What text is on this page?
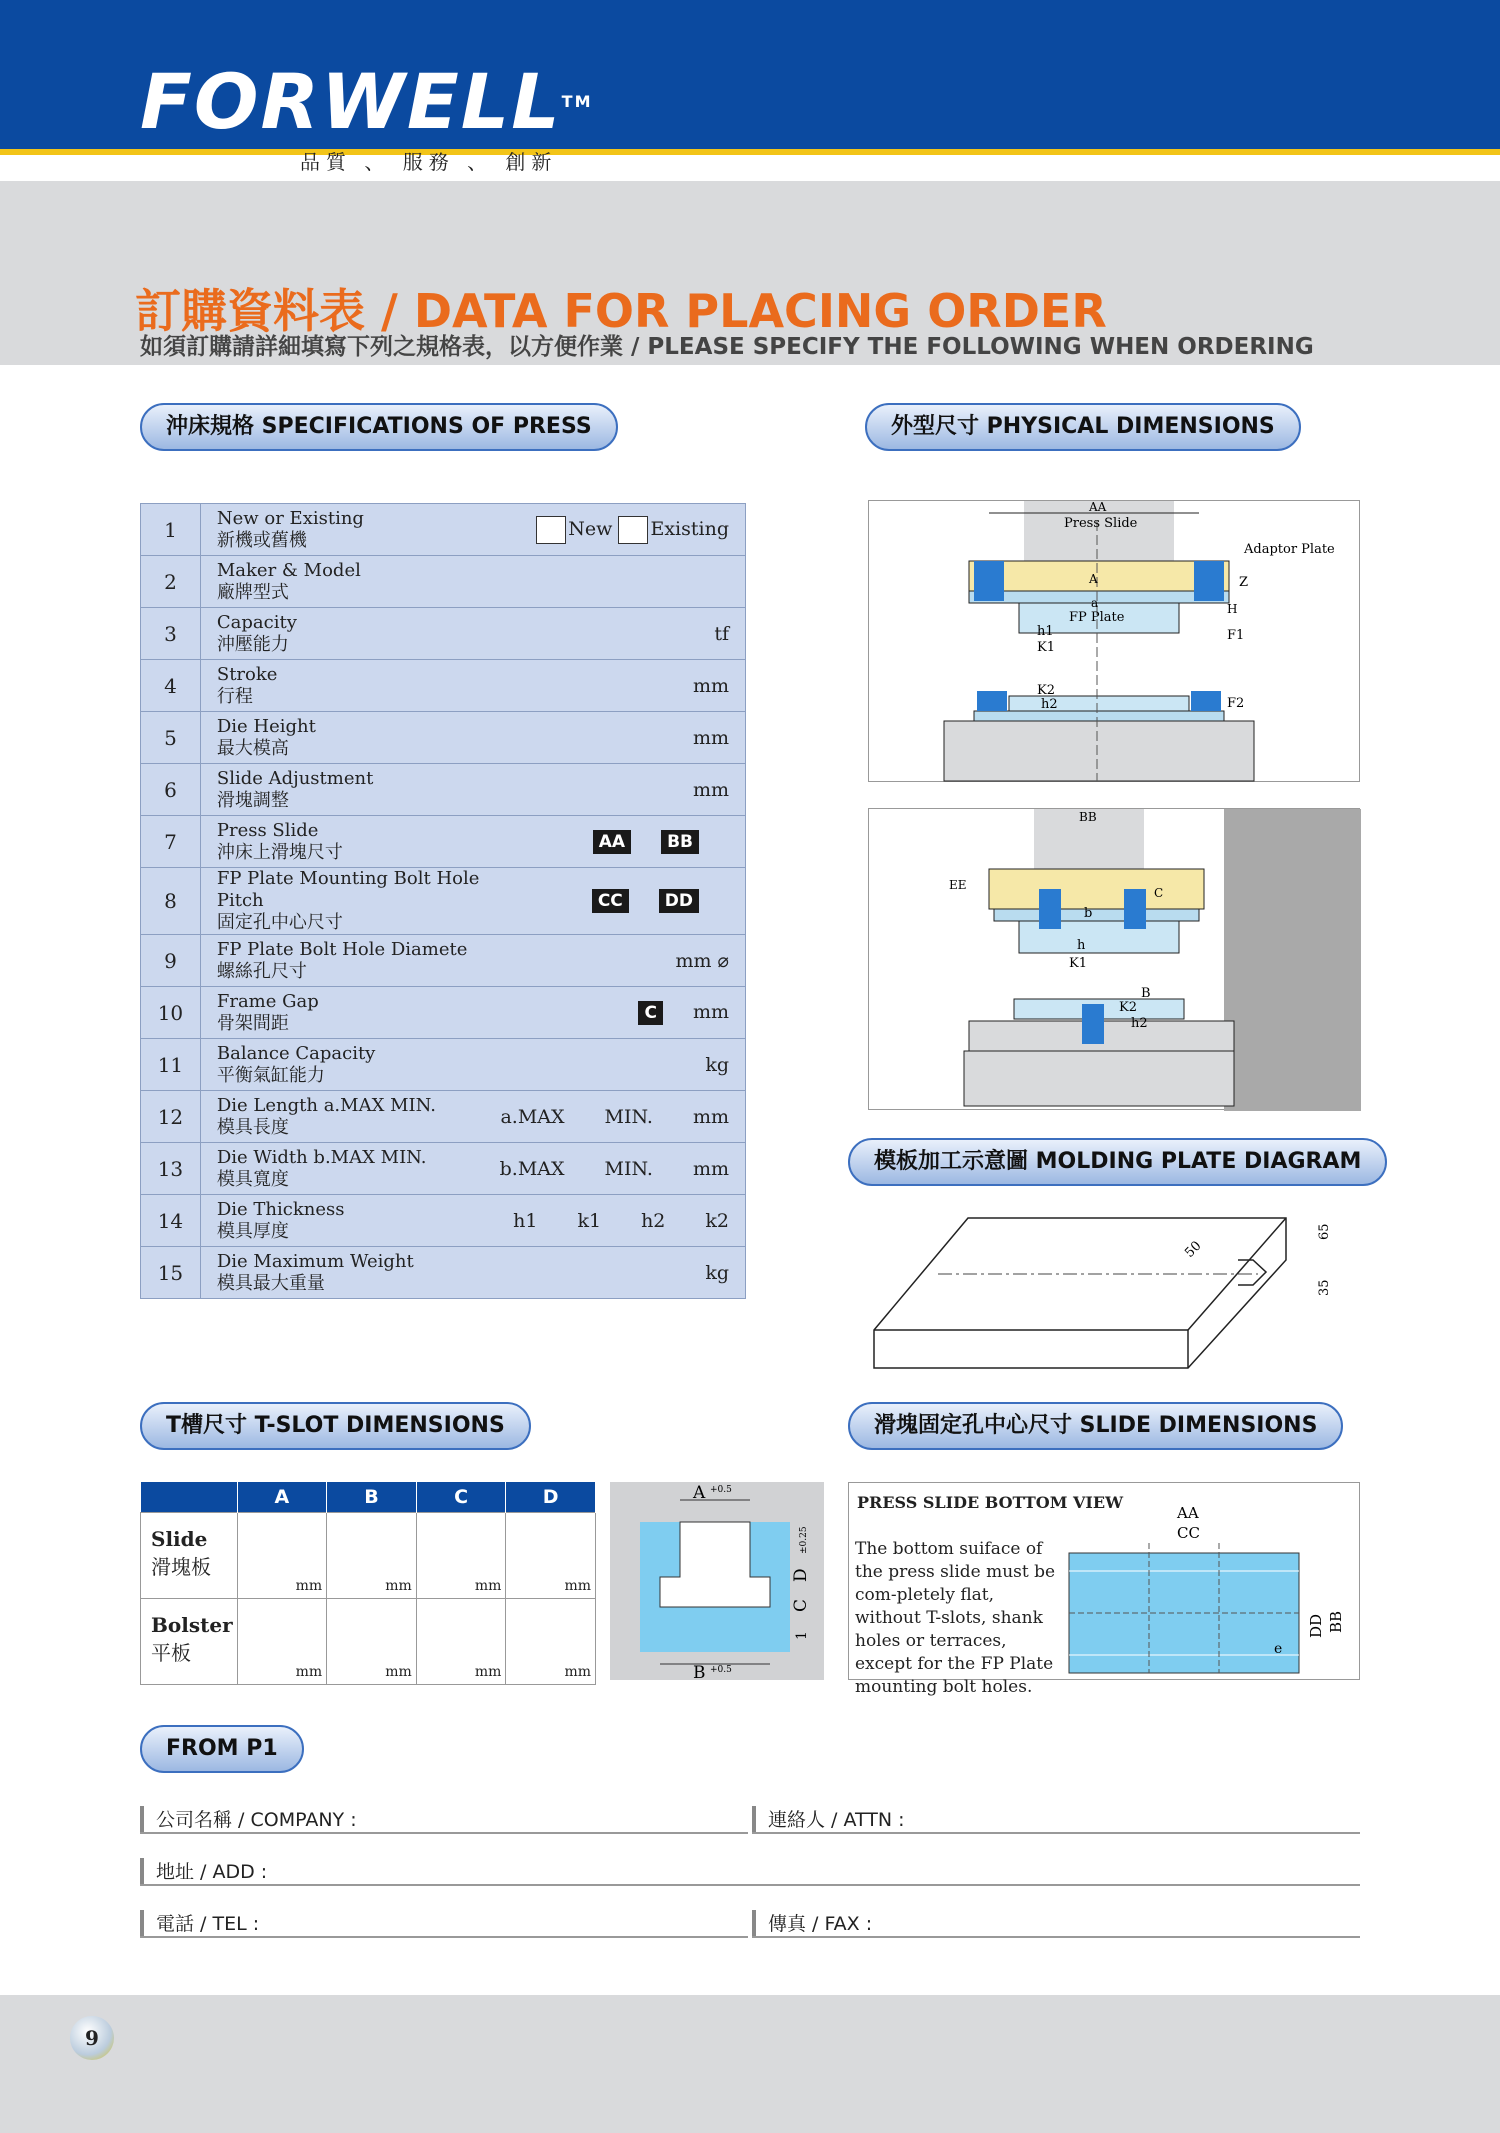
FORWELL™
品質 、 服務 、 創新
訂購資料表 / DATA FOR PLACING ORDER
如須訂購請詳細填寫下列之規格表，以方便作業 / PLEASE SPECIFY THE FOLLOWING WHEN ORDERING
沖床規格 SPECIFICATIONS OF PRESS	外型尺寸 PHYSICAL DIMENSIONS
模板加工示意圖 MOLDING PLATE DIAGRAM
T槽尺寸 T-SLOT DIMENSIONS	滑塊固定孔中心尺寸 SLIDE DIMENSIONS
FROM P1
1	New or Existing
新機或舊機	New Existing
2	Maker & Model
廠牌型式	

3	Capacity
沖壓能力	tf
4	Stroke
行程	mm
5	Die Height
最大模高	mm
6	Slide Adjustment
滑塊調整	mm
7	Press Slide
沖床上滑塊尺寸	AA BB
8	FP Plate Mounting Bolt Hole Pitch
固定孔中心尺寸	CC DD
9	FP Plate Bolt Hole Diamete
螺絲孔尺寸	mm ⌀
10	Frame Gap
骨架間距	C mm
11	Balance Capacity
平衡氣缸能力	kg
12	Die Length a.MAX MIN.
模具長度	a.MAX MIN. mm
13	Die Width b.MAX MIN.
模具寬度	b.MAX MIN. mm
14	Die Thickness
模具厚度	h1 k1 h2 k2
15	Die Maximum Weight
模具最大重量	kg
AA
Press Slide
Adaptor Plate
A
a
FP Plate
h1
K1
K2
h2
Z
H
F1
F2
BB
EE
C
b
h
K1
B
K2
h2
50
65
35
	A	B	C	D

Slide
滑塊板	mm	mm	mm	mm

Bolster
平板	mm	mm	mm	mm
A +0.5
B +0.5
D
C
1
±0.25
PRESS SLIDE BOTTOM VIEW
AA
CC
DD BB
e
The bottom suiface of the press slide must be com-pletely flat, without T-slots, shank holes or terraces, except for the FP Plate mounting bolt holes.
公司名稱 / COMPANY :	連絡人 / ATTN :
地址 / ADD :
電話 / TEL :	傳真 / FAX :
9
